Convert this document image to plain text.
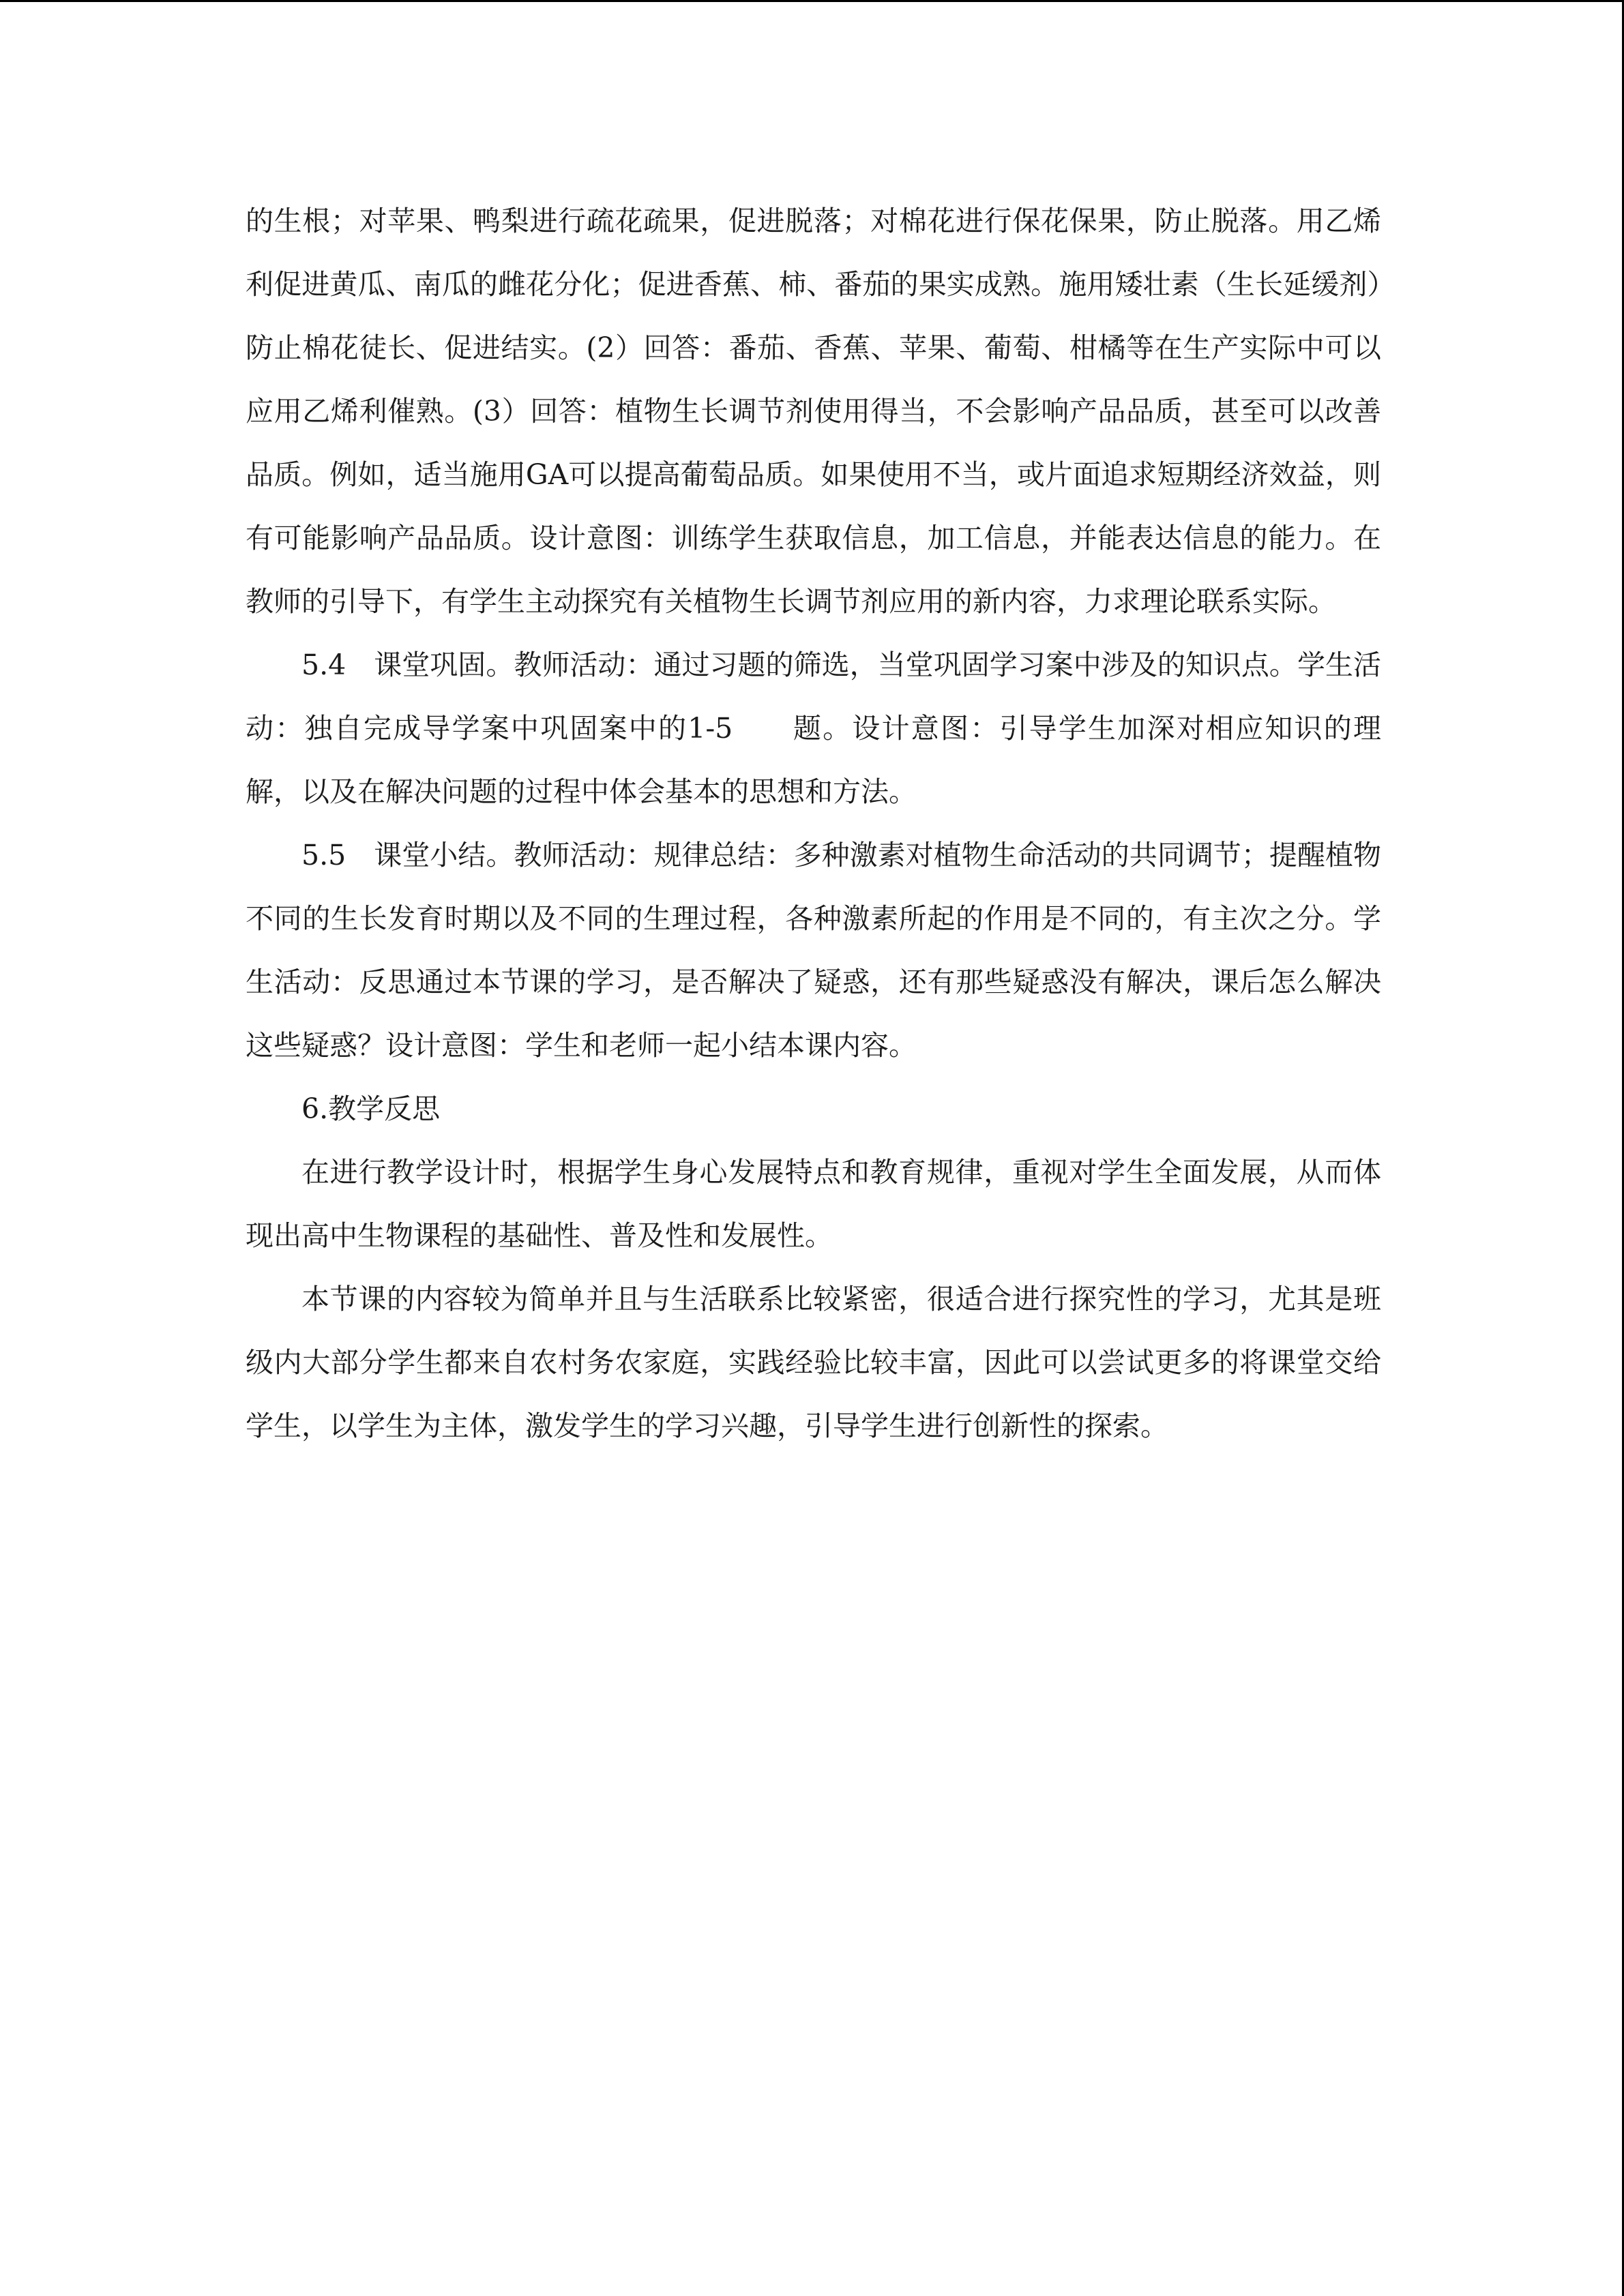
的生根；对苹果、鸭梨进行疏花疏果，促进脱落；对棉花进行保花保果，防止脱落。用乙烯利促进黄瓜、南瓜的雌花分化；促进香蕉、柿、番茄的果实成熟。施用矮壮素（生长延缓剂）防止棉花徒长、促进结实。(2）回答：番茄、香蕉、苹果、葡萄、柑橘等在生产实际中可以应用乙烯利催熟。(3）回答：植物生长调节剂使用得当，不会影响产品品质，甚至可以改善品质。例如，适当施用GA可以提高葡萄品质。如果使用不当，或片面追求短期经济效益，则有可能影响产品品质。设计意图：训练学生获取信息，加工信息，并能表达信息的能力。在教师的引导下，有学生主动探究有关植物生长调节剂应用的新内容，力求理论联系实际。

5.4　课堂巩固。教师活动：通过习题的筛选，当堂巩固学习案中涉及的知识点。学生活动：独自完成导学案中巩固案中的1-5　　题。设计意图：引导学生加深对相应知识的理解，以及在解决问题的过程中体会基本的思想和方法。

5.5　课堂小结。教师活动：规律总结：多种激素对植物生命活动的共同调节；提醒植物不同的生长发育时期以及不同的生理过程，各种激素所起的作用是不同的，有主次之分。学生活动：反思通过本节课的学习，是否解决了疑惑，还有那些疑惑没有解决，课后怎么解决这些疑惑？设计意图：学生和老师一起小结本课内容。

6.教学反思

在进行教学设计时，根据学生身心发展特点和教育规律，重视对学生全面发展，从而体现出高中生物课程的基础性、普及性和发展性。

本节课的内容较为简单并且与生活联系比较紧密，很适合进行探究性的学习，尤其是班级内大部分学生都来自农村务农家庭，实践经验比较丰富，因此可以尝试更多的将课堂交给学生，以学生为主体，激发学生的学习兴趣，引导学生进行创新性的探索。
